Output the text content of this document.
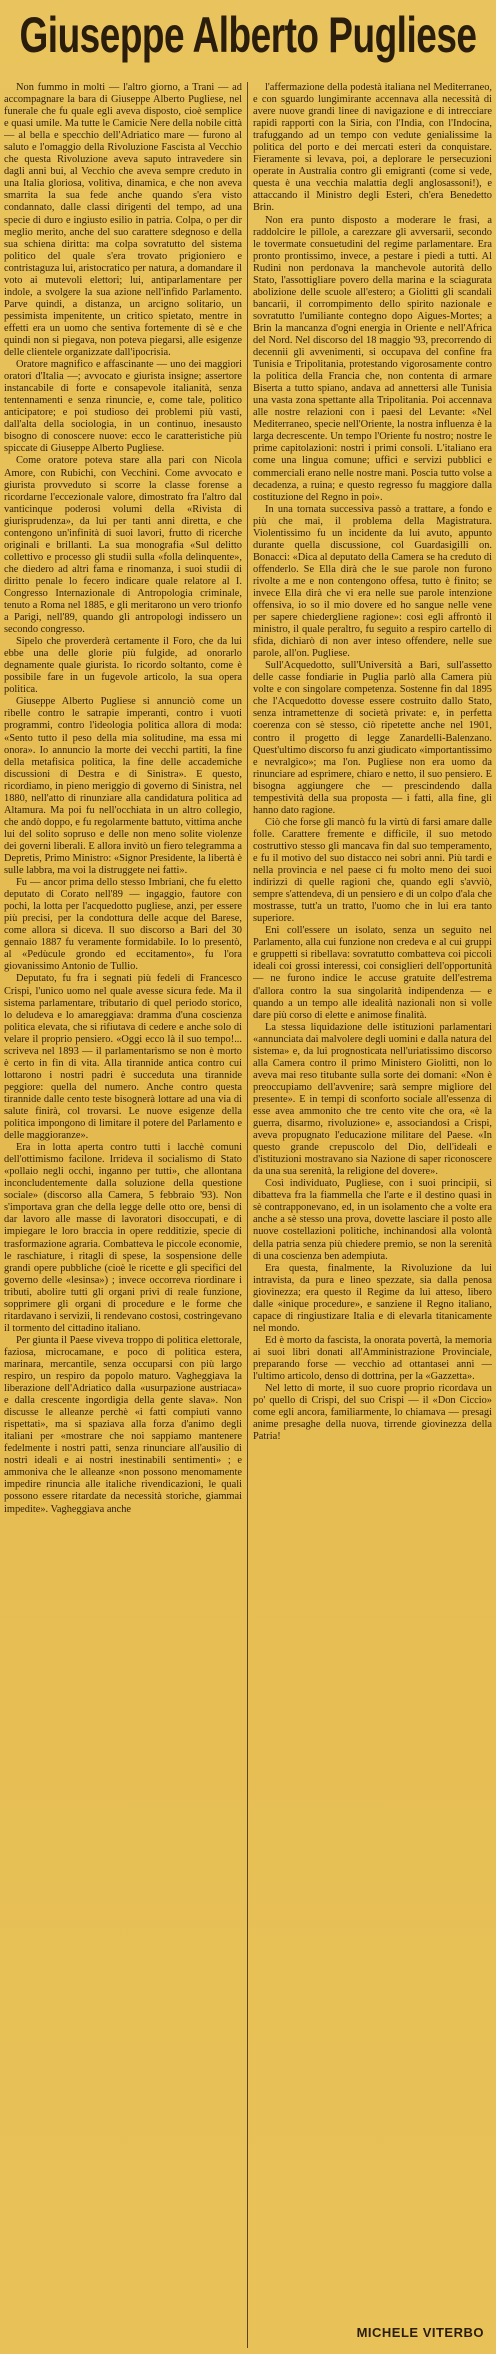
Giuseppe Alberto Pugliese

Non fummo in molti — l'altro giorno, a Trani — ad accompagnare la bara di Giuseppe Alberto Pugliese, nel funerale che fu quale egli aveva disposto, cioè semplice e quasi umile. Ma tutte le Camicie Nere della nobile città — al bella e specchio dell'Adriatico mare — furono al saluto e l'omaggio della Rivoluzione Fascista al Vecchio che questa Rivoluzione aveva saputo intravedere sin dagli anni bui, al Vecchio che aveva sempre creduto in una Italia gloriosa, volitiva, dinamica, e che non aveva smarrita la sua fede anche quando s'era visto condannato, dalle classi dirigenti del tempo, ad una specie di duro e ingiusto esilio in patria. Colpa, o per dir meglio merito, anche del suo carattere sdegnoso e della sua schiena diritta: ma colpa sovratutto del sistema politico del quale s'era trovato prigioniero e contristaguza lui, aristocratico per natura, a domandare il voto ai mutevoli elettori; lui, antiparlamentare per indole, a svolgere la sua azione nell'infido Parlamento. Parve quindi, a distanza, un arcigno solitario, un pessimista impenitente, un critico spietato, mentre in effetti era un uomo che sentiva fortemente di sè e che quindi non si piegava, non poteva piegarsi, alle esigenze delle clientele organizzate dall'ipocrisia.

Oratore magnifico e affascinante — uno dei maggiori oratori d'Italia —; avvocato e giurista insigne; assertore instancabile di forte e consapevole italianità, senza tentennamenti e senza rinuncie, e, come tale, politico anticipatore; e poi studioso dei problemi più vasti, dall'alta della sociologia, in un continuo, inesausto bisogno di conoscere nuove: ecco le caratteristiche più spiccate di Giuseppe Alberto Pugliese.

Come oratore poteva stare alla pari con Nicola Amore, con Rubichi, con Vecchini. Come avvocato e giurista provveduto si scorre la classe forense a ricordarne l'eccezionale valore, dimostrato fra l'altro dal vanticinque poderosi volumi della «Rivista di giurisprudenza», da lui per tanti anni diretta, e che contengono un'infinità di suoi lavori, frutto di ricerche originali e brillanti. La sua monografia «Sul delitto collettivo e processo gli studii sulla «folla delinquente», che diedero ad altri fama e rinomanza, i suoi studii di diritto penale lo fecero indicare quale relatore al I. Congresso Internazionale di Antropologia criminale, tenuto a Roma nel 1885, e gli meritarono un vero trionfo a Parigi, nell'89, quando gli antropologi indissero un secondo congresso.

Sipelo che proverderà certamente il Foro, che da lui ebbe una delle glorie più fulgide, ad onorarlo degnamente quale giurista. Io ricordo soltanto, come è possibile fare in un fugevole articolo, la sua opera politica.

Giuseppe Alberto Pugliese si annunciò come un ribelle contro le satrapie imperanti, contro i vuoti programmi, contro l'ideologia politica allora di moda: «Sento tutto il peso della mia solitudine, ma essa mi onora». Io annuncio la morte dei vecchi partiti, la fine della metafisica politica, la fine delle accademiche discussioni di Destra e di Sinistra». E questo, ricordiamo, in pieno meriggio di governo di Sinistra, nel 1880, nell'atto di rinunziare alla candidatura politica ad Altamura. Ma poi fu nell'occhiata in un altro collegio, che andò doppo, e fu regolarmente battuto, vittima anche lui del solito sopruso e delle non meno solite violenze dei governi liberali. E allora invitò un fiero telegramma a Depretis, Primo Ministro: «Signor Presidente, la libertà è sulle labbra, ma voi la distruggete nei fatti».

Fu — ancor prima dello stesso Imbriani, che fu eletto deputato di Corato nell'89 — ingaggio, fautore con pochi, la lotta per l'acquedotto pugliese, anzi, per essere più precisi, per la condottura delle acque del Barese, come allora si diceva. Il suo discorso a Bari del 30 gennaio 1887 fu veramente formidabile. Io lo presentò, al «Pedùcule grondo ed eccitamento», fu l'ora giovanissimo Antonio de Tullio.

Deputato, fu fra i segnati più fedeli di Francesco Crispi, l'unico uomo nel quale avesse sicura fede. Ma il sistema parlamentare, tributario di quel periodo storico, lo deludeva e lo amareggiava: dramma d'una coscienza politica elevata, che si rifiutava di cedere e anche solo di velare il proprio pensiero. «Oggi ecco là il suo tempo!... scriveva nel 1893 — il parlamentarismo se non è morto è certo in fin di vita. Alla tirannide antica contro cui lottarono i nostri padri è succeduta una tirannide peggiore: quella del numero. Anche contro questa tirannide dalle cento teste bisognerà lottare ad una via di salute finirà, col trovarsi. Le nuove esigenze della politica impongono di limitare il potere del Parlamento e delle maggioranze».

Era in lotta aperta contro tutti i lacchè comuni dell'ottimismo facilone. Irrideva il socialismo di Stato «pollaio negli occhi, inganno per tutti», che allontana inconcludentemente dalla soluzione della questione sociale» (discorso alla Camera, 5 febbraio '93). Non s'importava gran che della legge delle otto ore, bensì di dar lavoro alle masse di lavoratori disoccupati, e di impiegare le loro braccia in opere redditizie, specie di trasformazione agraria. Combatteva le piccole economie, le raschiature, i ritagli di spese, la sospensione delle grandi opere pubbliche (cioè le ricette e gli specifici del governo delle «lesinsa») ; invece occorreva riordinare i tributi, abolire tutti gli organi privi di reale funzione, sopprimere gli organi di procedure e le forme che ritardavano i servizii, li rendevano costosi, costringevano il tormento del cittadino italiano.

Per giunta il Paese viveva troppo di politica elettorale, faziosa, microcamane, e poco di politica estera, marinara, mercantile, senza occuparsi con più largo respiro, un respiro da popolo maturo. Vagheggiava la liberazione dell'Adriatico dalla «usurpazione austriaca» e dalla crescente ingordigia della gente slava». Non discusse le alleanze perchè «i fatti compiuti vanno rispettati», ma si spaziava alla forza d'animo degli italiani per «mostrare che noi sappiamo mantenere fedelmente i nostri patti, senza rinunciare all'ausilio di nostri ideali e ai nostri inestinabili sentimenti» ; e ammoniva che le alleanze «non possono menomamente impedire rinuncia alle italiche rivendicazioni, le quali possono essere ritardate da necessità storiche, giammai impedite». Vagheggiava anche

l'affermazione della podestà italiana nel Mediterraneo, e con sguardo lungimirante accennava alla necessità di avere nuove grandi linee di navigazione e di intrecciare rapidi rapporti con la Siria, con l'India, con l'Indocina, trafuggando ad un tempo con vedute genialissime la politica del porto e dei mercati esteri da conquistare. Fieramente si levava, poi, a deplorare le persecuzioni operate in Australia contro gli emigranti (come si vede, questa è una vecchia malattia degli anglosassoni!), e attaccando il Ministro degli Esteri, ch'era Benedetto Brin.

Non era punto disposto a moderare le frasi, a raddolcire le pillole, a carezzare gli avversarii, secondo le tovermate consuetudini del regime parlamentare. Era pronto prontissimo, invece, a pestare i piedi a tutti. Al Rudinì non perdonava la manchevole autorità dello Stato, l'assottigliare povero della marina e la sciagurata abolizione delle scuole all'estero; a Giolitti gli scandali bancarii, il corrompimento dello spirito nazionale e sovratutto l'umiliante contegno dopo Aigues-Mortes; a Brin la mancanza d'ogni energia in Oriente e nell'Africa del Nord. Nel discorso del 18 maggio '93, precorrendo di decennii gli avvenimenti, si occupava del confine fra Tunisia e Tripolitania, protestando vigorosamente contro la politica della Francia che, non contenta di armare Biserta a tutto spiano, andava ad annettersi alle Tunisia una vasta zona spettante alla Tripolitania. Poi accennava alle nostre relazioni con i paesi del Levante: «Nel Mediterraneo, specie nell'Oriente, la nostra influenza è la larga decrescente. Un tempo l'Oriente fu nostro; nostre le prime capitolazioni: nostri i primi consoli. L'italiano era come una lingua comune; uffici e servizi pubblici e commerciali erano nelle nostre mani. Poscia tutto volse a decadenza, a ruina; e questo regresso fu maggiore dalla costituzione del Regno in poi».

In una tornata successiva passò a trattare, a fondo e più che mai, il problema della Magistratura. Violentissimo fu un incidente da lui avuto, appunto durante quella discussione, col Guardasigilli on. Bonacci: «Dica al deputato della Camera se ha creduto di offenderlo. Se Ella dirà che le sue parole non furono rivolte a me e non contengono offesa, tutto è finito; se invece Ella dirà che vi era nelle sue parole intenzione offensiva, io so il mio dovere ed ho sangue nelle vene per sapere chiedergliene ragione»: così egli affrontò il ministro, il quale peraltro, fu seguito a respiro cartello di sfida, dichiarò di non aver inteso offendere, nelle sue parole, all'on. Pugliese.

Sull'Acquedotto, sull'Università a Bari, sull'assetto delle casse fondiarie in Puglia parlò alla Camera più volte e con singolare competenza. Sostenne fin dal 1895 che l'Acquedotto dovesse essere costruito dallo Stato, senza intramettenze di società private: e, in perfetta coerenza con sè stesso, ciò ripetette anche nel 1901, contro il progetto di legge Zanardelli-Balenzano. Quest'ultimo discorso fu anzi giudicato «importantissimo e nevralgico»; ma l'on. Pugliese non era uomo da rinunciare ad esprimere, chiaro e netto, il suo pensiero. E bisogna aggiungere che — prescindendo dalla tempestività della sua proposta — i fatti, alla fine, gli hanno dato ragione.

Ciò che forse gli mancò fu la virtù di farsi amare dalle folle. Carattere fremente e difficile, il suo metodo costruttivo stesso gli mancava fin dal suo temperamento, e fu il motivo del suo distacco nei sobri anni. Più tardi e nella provincia e nel paese ci fu molto meno dei suoi indirizzi di quelle ragioni che, quando egli s'avviò, sempre s'attendeva, di un pensiero e di un colpo d'ala che mostrasse, tutt'a un tratto, l'uomo che in lui era tanto superiore.

Eni coll'essere un isolato, senza un seguito nel Parlamento, alla cui funzione non credeva e al cui gruppi e gruppetti si ribellava: sovratutto combatteva coi piccoli ideali coi grossi interessi, coi consiglieri dell'opportunità — ne furono indice le accuse gratuite dell'estrema d'allora contro la sua singolarità indipendenza — e quando a un tempo alle idealità nazionali non si volle dare più corso di elette e animose finalità.

La stessa liquidazione delle istituzioni parlamentari «annunciata dai malvolere degli uomini e dalla natura del sistema» e, da lui prognosticata nell'uriatissimo discorso alla Camera contro il primo Ministero Giolitti, non lo aveva mai reso titubante sulla sorte dei domani: «Non è preoccupiamo dell'avvenire; sarà sempre migliore del presente». E in tempi di sconforto sociale all'essenza di esse avea ammonito che tre cento vite che ora, «è la guerra, disarmo, rivoluzione» e, associandosi a Crispi, aveva propugnato l'educazione militare del Paese. «In questo grande crepuscolo del Dio, dell'ideali e d'istituzioni mostravano sia Nazione di saper riconoscere da una sua serenità, la religione del dovere».

Così individuato, Pugliese, con i suoi principii, si dibatteva fra la fiammella che l'arte e il destino quasi in sè contrapponevano, ed, in un isolamento che a volte era anche a sè stesso una prova, dovette lasciare il posto alle nuove costellazioni politiche, inchinandosi alla volontà della patria senza più chiedere premio, se non la serenità di una coscienza ben adempiuta.

Era questa, finalmente, la Rivoluzione da lui intravista, da pura e lineo spezzate, sia dalla penosa giovinezza; era questo il Regime da lui atteso, libero dalle «inique procedure», e sanziene il Regno italiano, capace di ringiustizare Italia e di elevarla titanicamente nel mondo.

Ed è morto da fascista, la onorata povertà, la memoria ai suoi libri donati all'Amministrazione Provinciale, preparando forse — vecchio ad ottantasei anni — l'ultimo articolo, denso di dottrina, per la «Gazzetta».

Nel letto di morte, il suo cuore proprio ricordava un po' quello di Crispi, del suo Crispi — il «Don Ciccio» come egli ancora, familiarmente, lo chiamava — presagi anime presaghe della nuova, tirrende giovinezza della Patria!

MICHELE VITERBO
